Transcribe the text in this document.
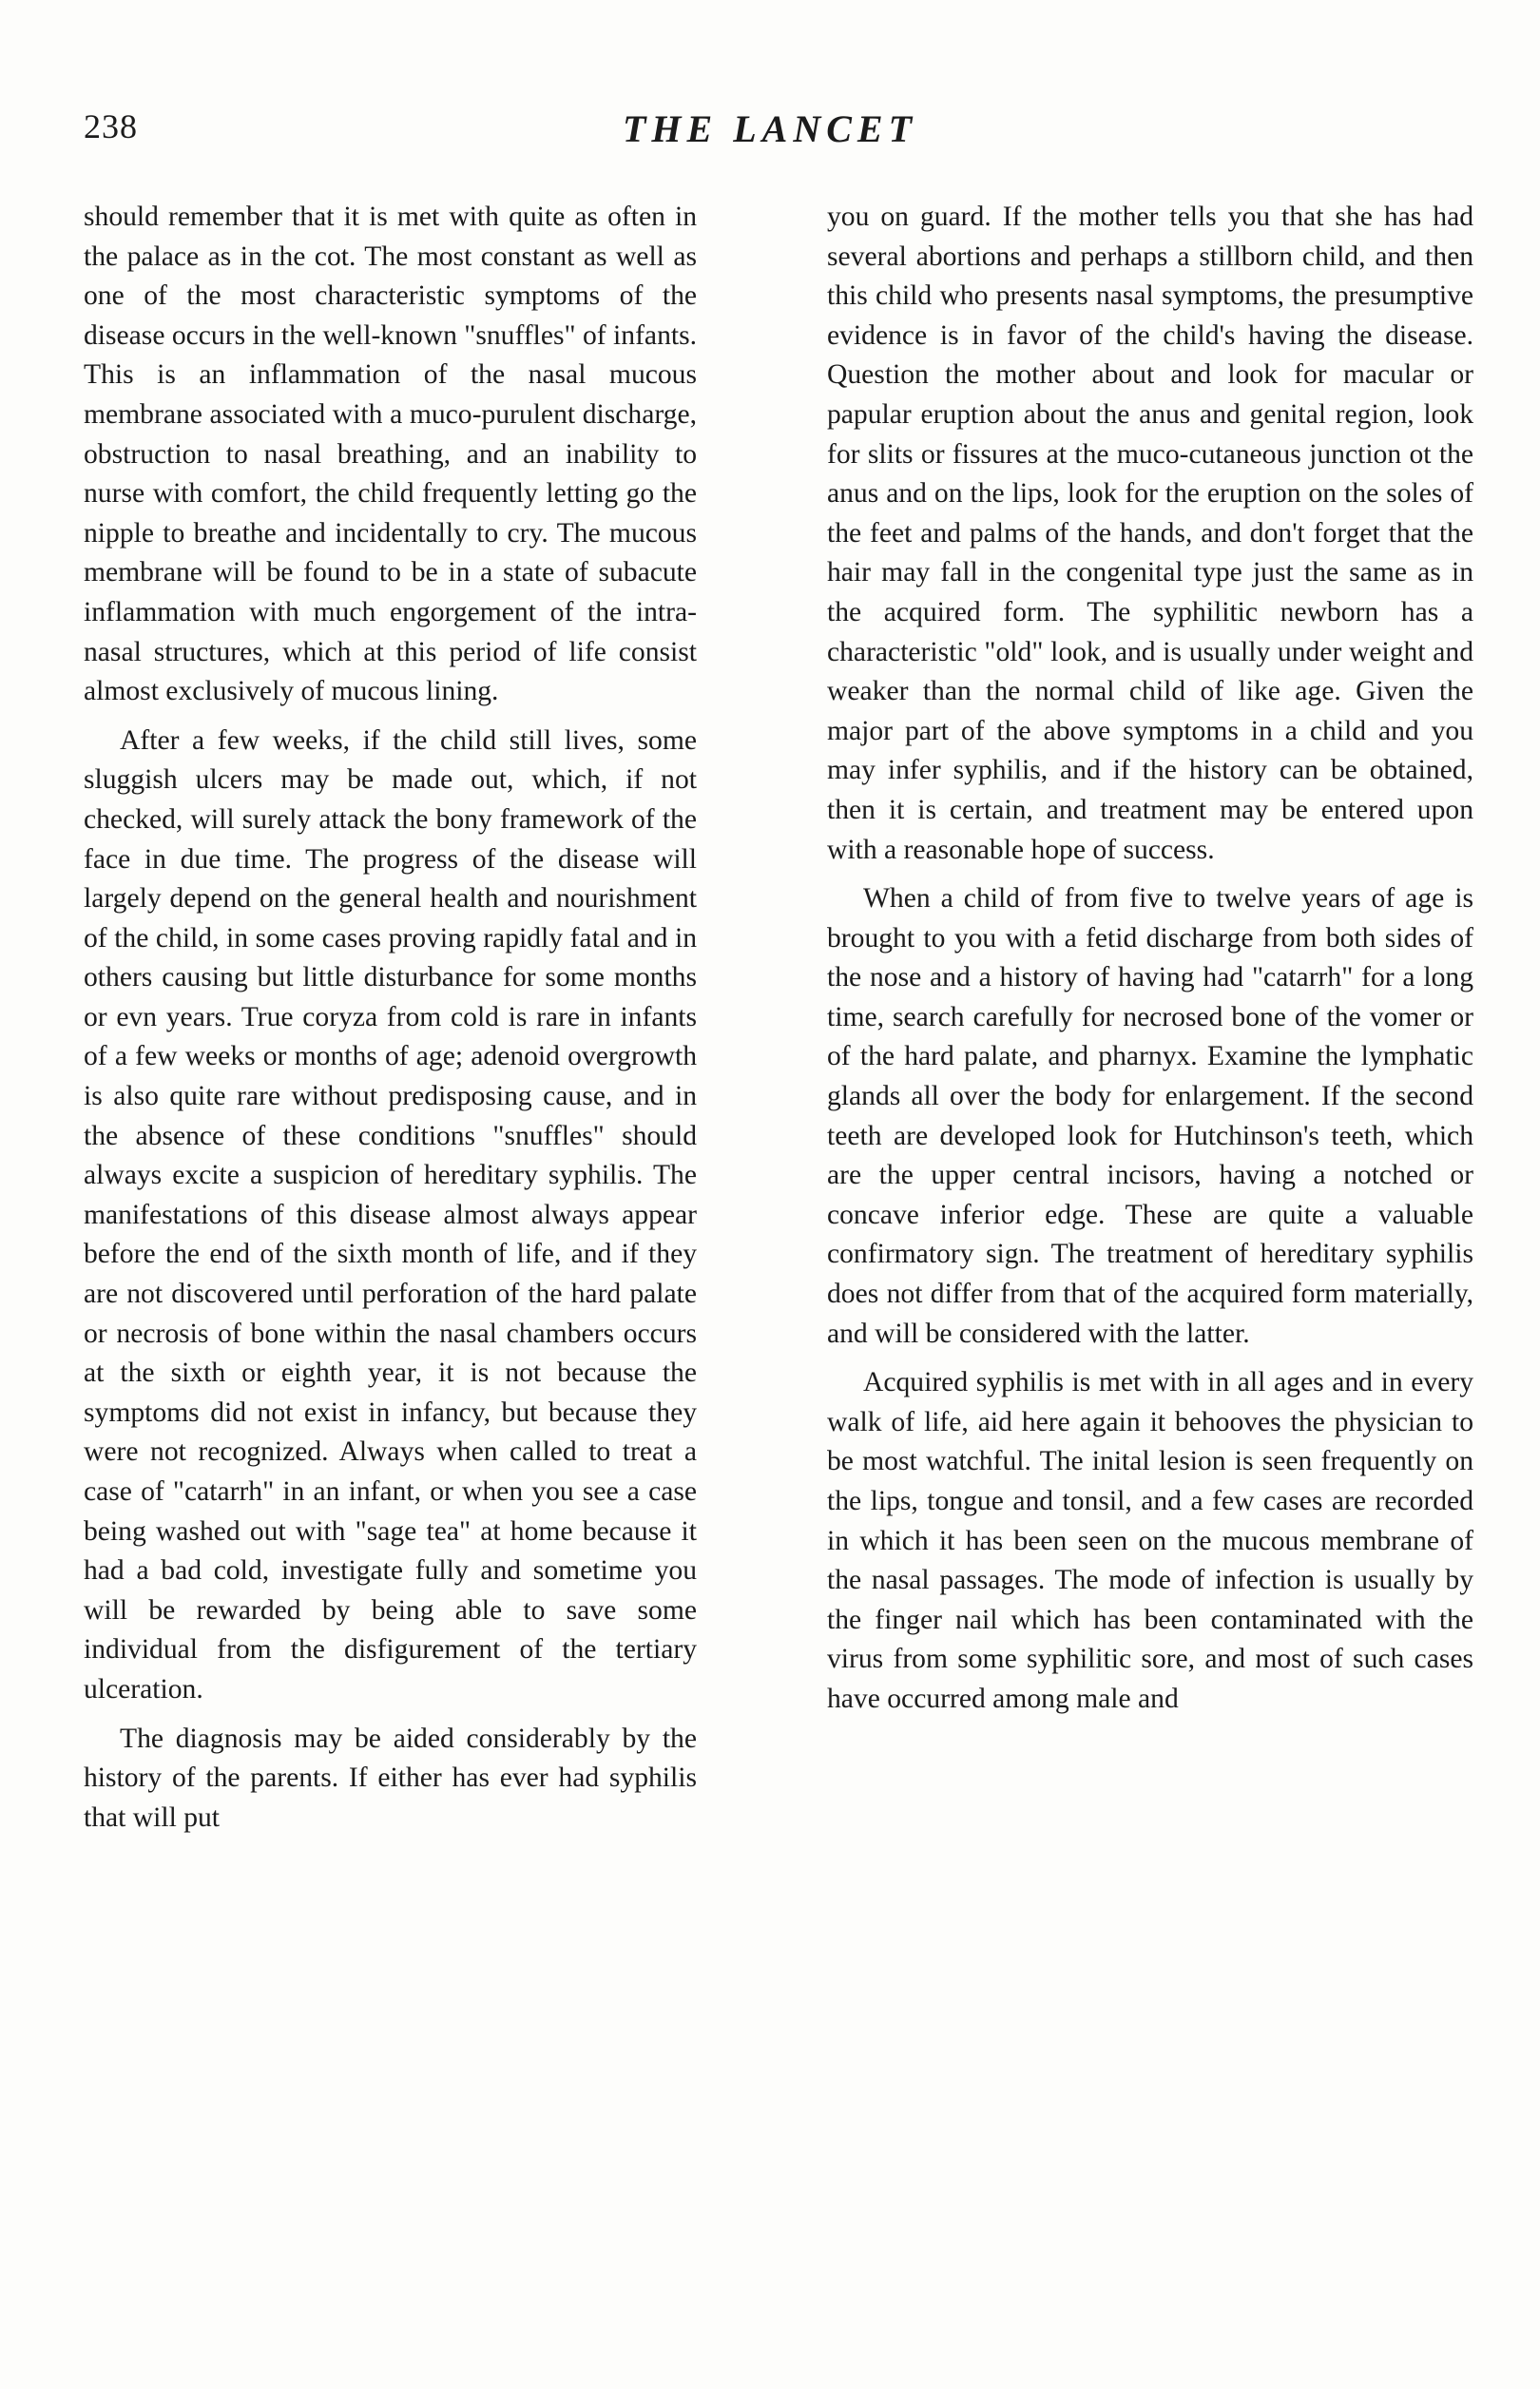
238	THE LANCET

should remember that it is met with quite as often in the palace as in the cot. The most constant as well as one of the most characteristic symptoms of the disease occurs in the well-known "snuffles" of infants. This is an inflammation of the nasal mucous membrane associated with a muco-purulent discharge, obstruction to nasal breathing, and an inability to nurse with comfort, the child frequently letting go the nipple to breathe and incidentally to cry. The mucous membrane will be found to be in a state of subacute inflammation with much engorgement of the intra-nasal structures, which at this period of life consist almost exclusively of mucous lining.

After a few weeks, if the child still lives, some sluggish ulcers may be made out, which, if not checked, will surely attack the bony framework of the face in due time. The progress of the disease will largely depend on the general health and nourishment of the child, in some cases proving rapidly fatal and in others causing but little disturbance for some months or evn years. True coryza from cold is rare in infants of a few weeks or months of age; adenoid overgrowth is also quite rare without predisposing cause, and in the absence of these conditions "snuffles" should always excite a suspicion of hereditary syphilis. The manifestations of this disease almost always appear before the end of the sixth month of life, and if they are not discovered until perforation of the hard palate or necrosis of bone within the nasal chambers occurs at the sixth or eighth year, it is not because the symptoms did not exist in infancy, but because they were not recognized. Always when called to treat a case of "catarrh" in an infant, or when you see a case being washed out with "sage tea" at home because it had a bad cold, investigate fully and sometime you will be rewarded by being able to save some individual from the disfigurement of the tertiary ulceration.

The diagnosis may be aided considerably by the history of the parents. If either has ever had syphilis that will put

you on guard. If the mother tells you that she has had several abortions and perhaps a stillborn child, and then this child who presents nasal symptoms, the presumptive evidence is in favor of the child's having the disease. Question the mother about and look for macular or papular eruption about the anus and genital region, look for slits or fissures at the muco-cutaneous junction ot the anus and on the lips, look for the eruption on the soles of the feet and palms of the hands, and don't forget that the hair may fall in the congenital type just the same as in the acquired form. The syphilitic newborn has a characteristic "old" look, and is usually under weight and weaker than the normal child of like age. Given the major part of the above symptoms in a child and you may infer syphilis, and if the history can be obtained, then it is certain, and treatment may be entered upon with a reasonable hope of success.

When a child of from five to twelve years of age is brought to you with a fetid discharge from both sides of the nose and a history of having had "catarrh" for a long time, search carefully for necrosed bone of the vomer or of the hard palate, and pharnyx. Examine the lymphatic glands all over the body for enlargement. If the second teeth are developed look for Hutchinson's teeth, which are the upper central incisors, having a notched or concave inferior edge. These are quite a valuable confirmatory sign. The treatment of hereditary syphilis does not differ from that of the acquired form materially, and will be considered with the latter.

Acquired syphilis is met with in all ages and in every walk of life, aid here again it behooves the physician to be most watchful. The inital lesion is seen frequently on the lips, tongue and tonsil, and a few cases are recorded in which it has been seen on the mucous membrane of the nasal passages. The mode of infection is usually by the finger nail which has been contaminated with the virus from some syphilitic sore, and most of such cases have occurred among male and
